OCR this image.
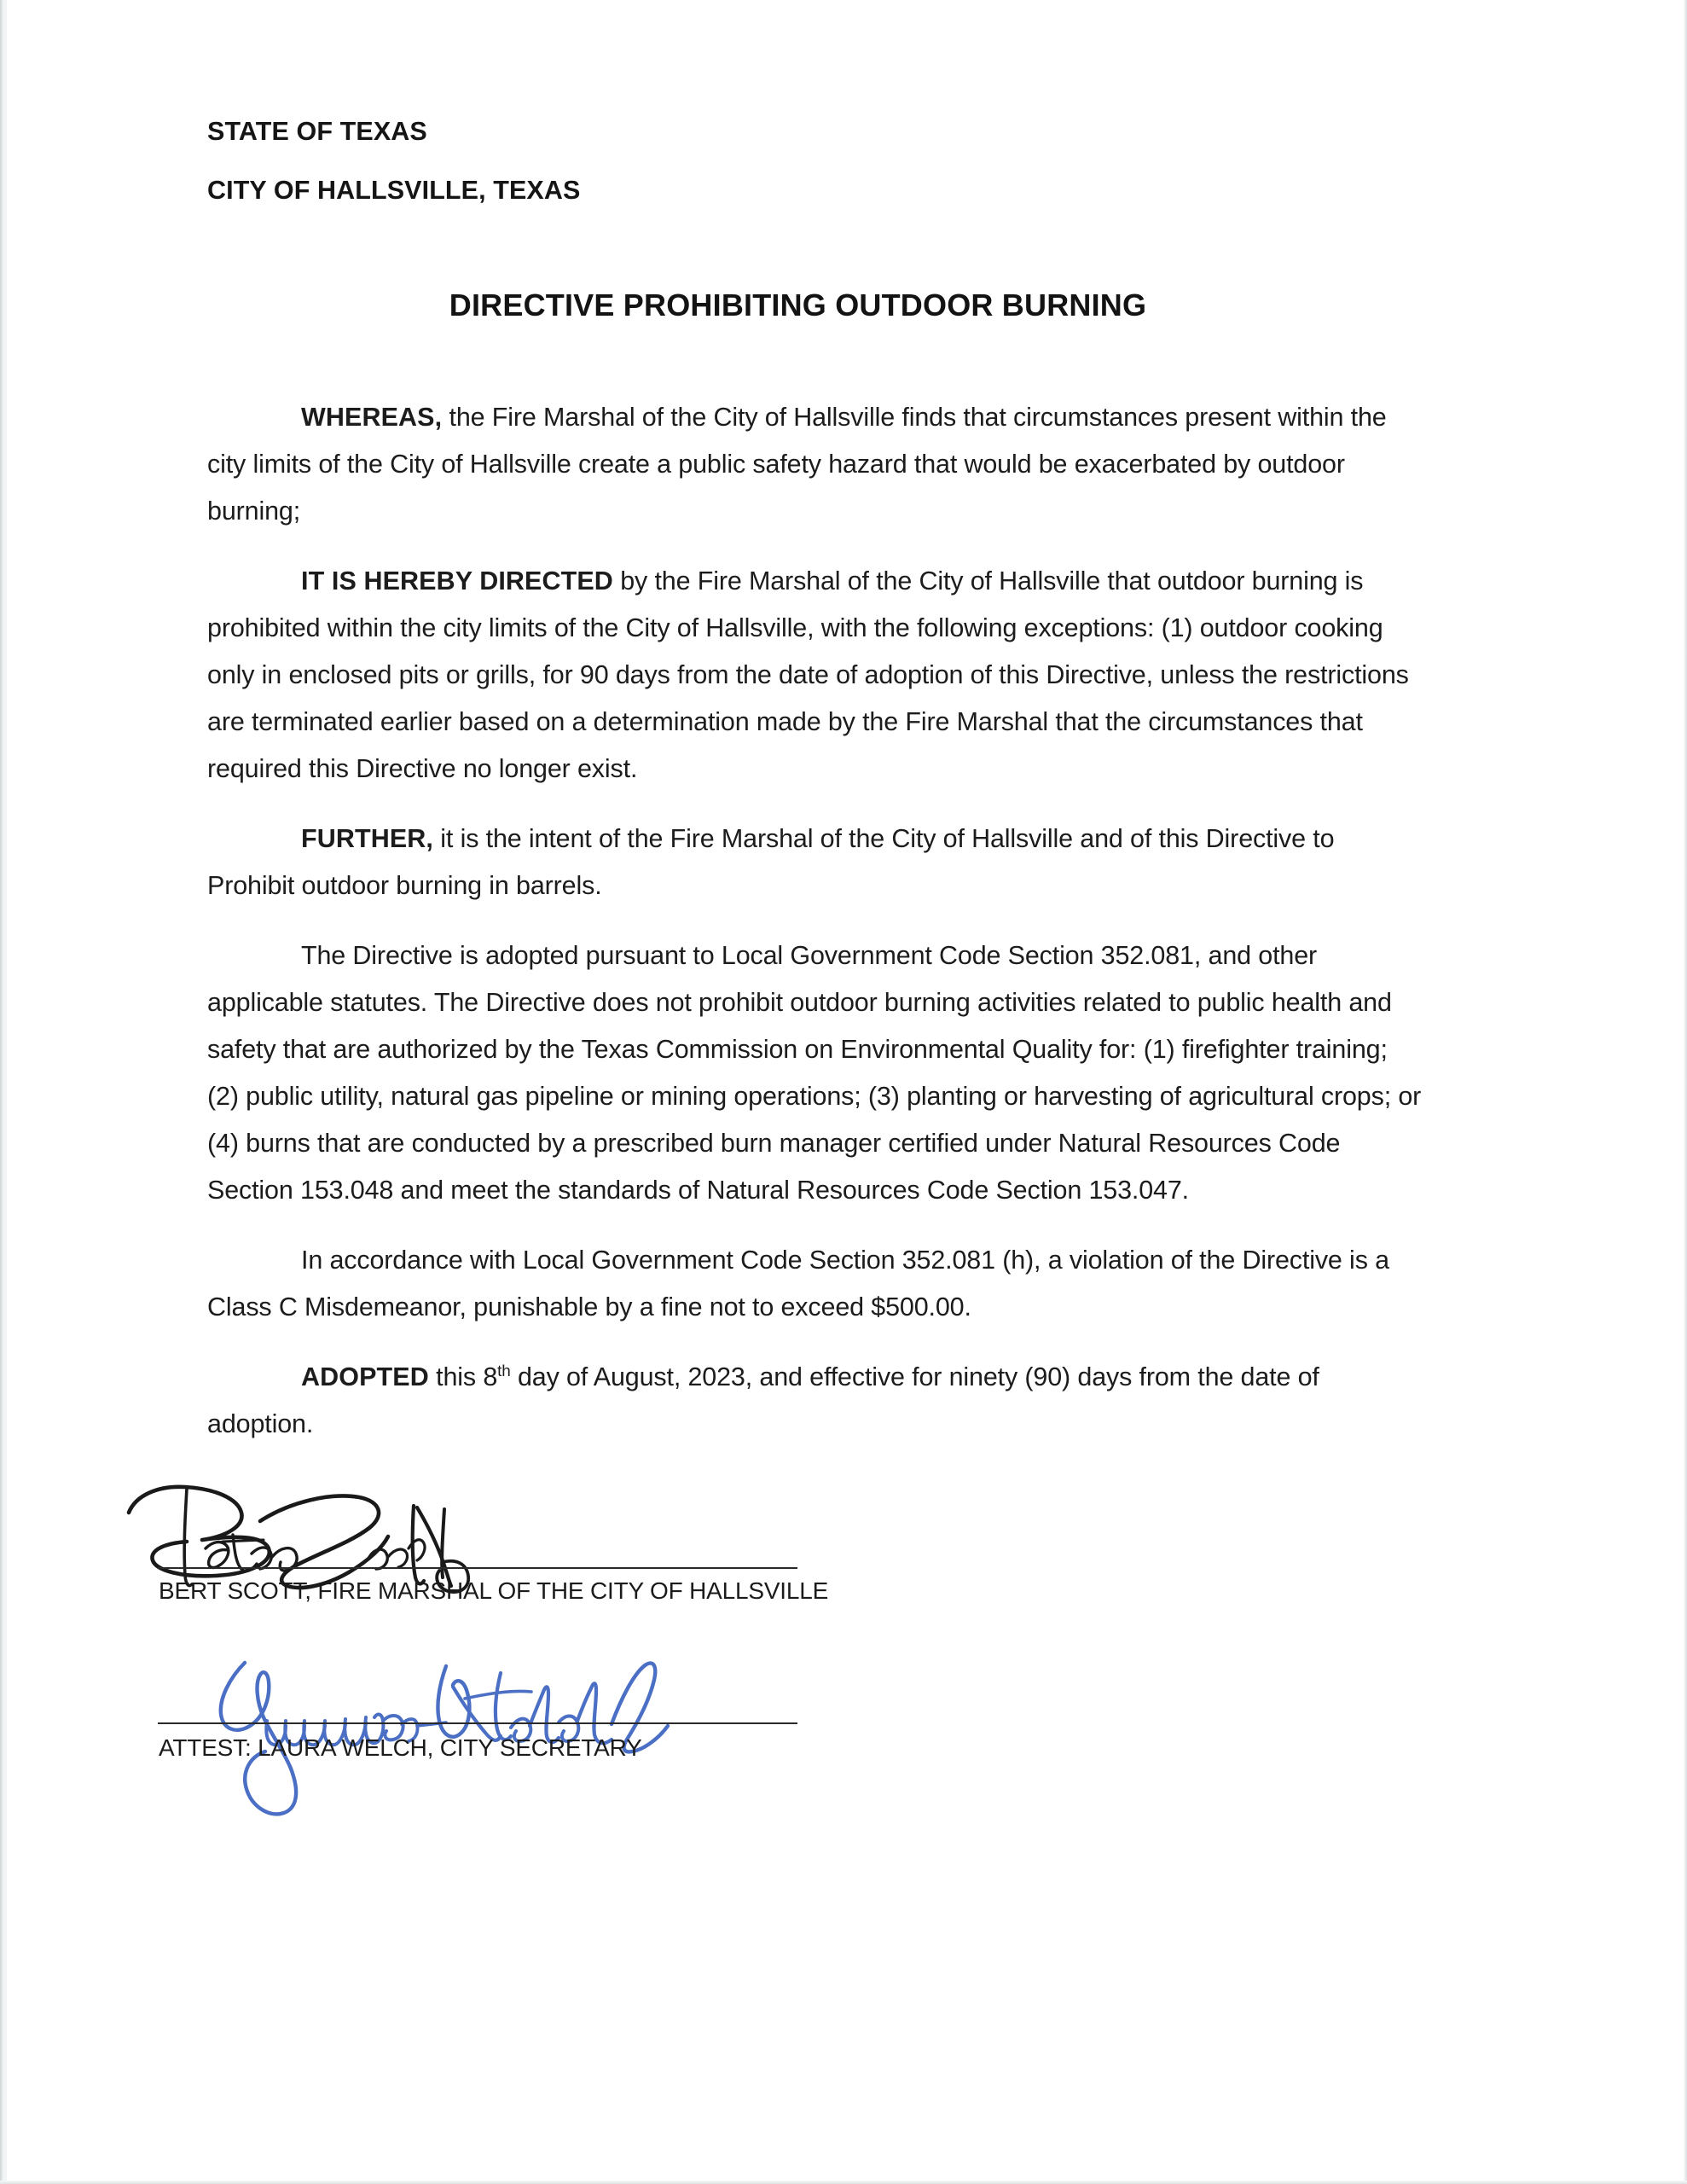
STATE OF TEXAS
CITY OF HALLSVILLE, TEXAS
DIRECTIVE PROHIBITING OUTDOOR BURNING

WHEREAS, the Fire Marshal of the City of Hallsville finds that circumstances present within the city limits of the City of Hallsville create a public safety hazard that would be exacerbated by outdoor burning;

IT IS HEREBY DIRECTED by the Fire Marshal of the City of Hallsville that outdoor burning is prohibited within the city limits of the City of Hallsville, with the following exceptions: (1) outdoor cooking only in enclosed pits or grills, for 90 days from the date of adoption of this Directive, unless the restrictions are terminated earlier based on a determination made by the Fire Marshal that the circumstances that required this Directive no longer exist.

FURTHER, it is the intent of the Fire Marshal of the City of Hallsville and of this Directive to Prohibit outdoor burning in barrels.

The Directive is adopted pursuant to Local Government Code Section 352.081, and other applicable statutes. The Directive does not prohibit outdoor burning activities related to public health and safety that are authorized by the Texas Commission on Environmental Quality for: (1) firefighter training; (2) public utility, natural gas pipeline or mining operations; (3) planting or harvesting of agricultural crops; or (4) burns that are conducted by a prescribed burn manager certified under Natural Resources Code Section 153.048 and meet the standards of Natural Resources Code Section 153.047.

In accordance with Local Government Code Section 352.081 (h), a violation of the Directive is a Class C Misdemeanor, punishable by a fine not to exceed $500.00.

ADOPTED this 8th day of August, 2023, and effective for ninety (90) days from the date of adoption.

BERT SCOTT, FIRE MARSHAL OF THE CITY OF HALLSVILLE
ATTEST: LAURA WELCH, CITY SECRETARY
